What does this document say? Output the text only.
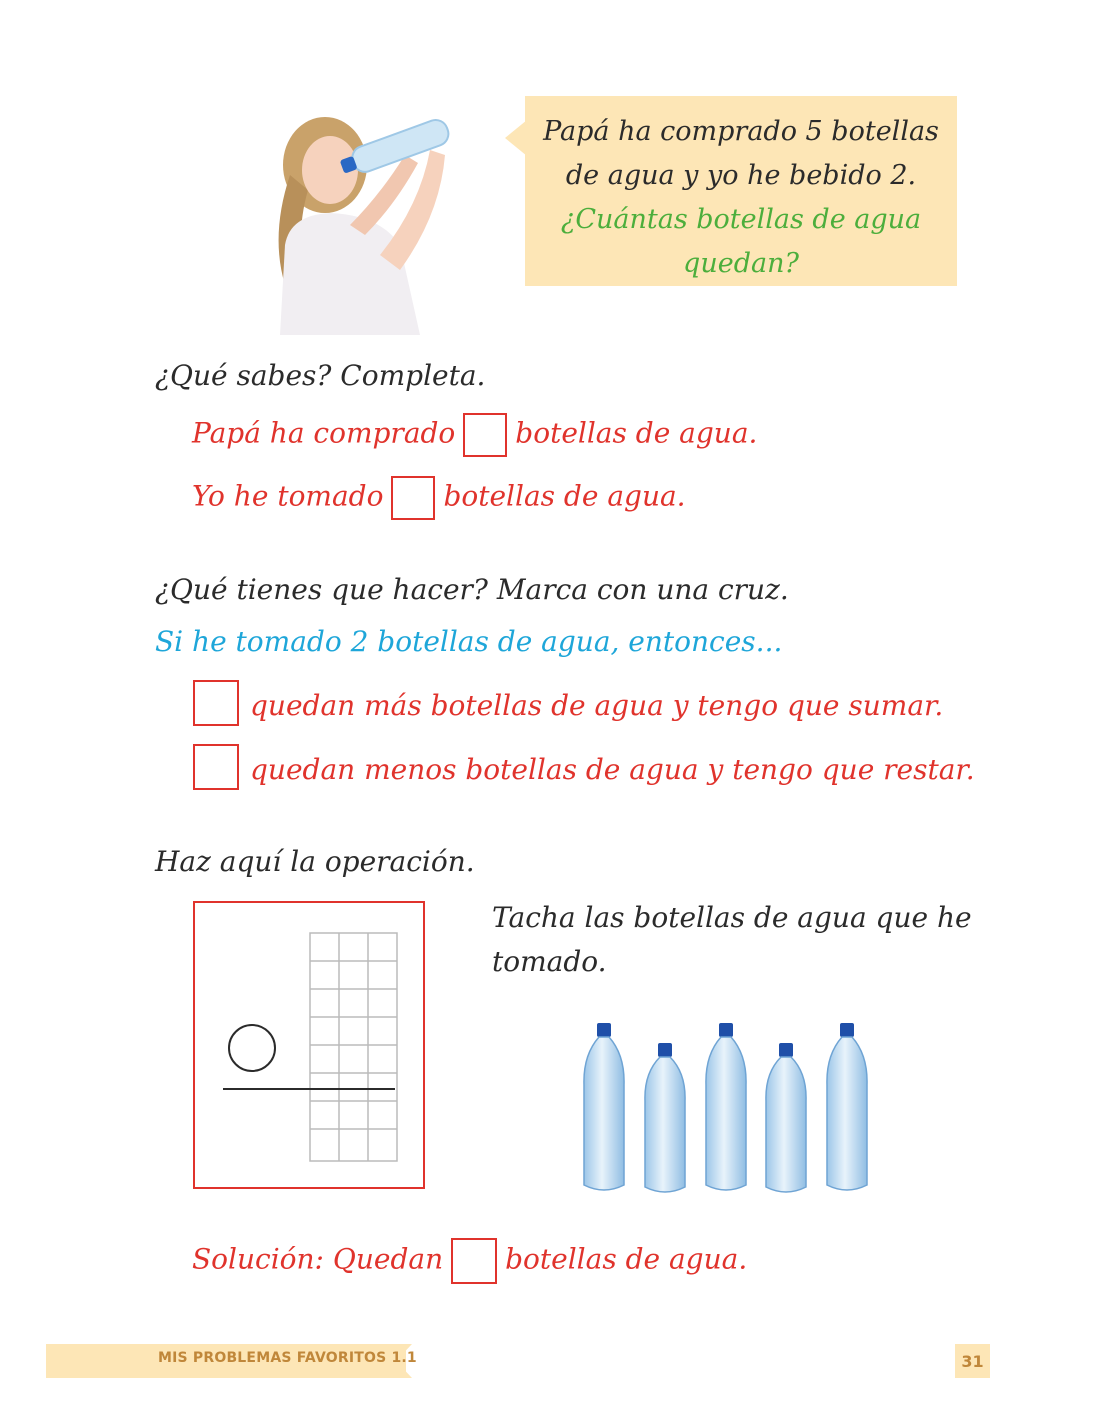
Papá ha comprado 5 botellas
de agua y yo he bebido 2.
¿Cuántas botellas de agua
quedan?
¿Qué sabes? Completa.
Papá ha comprado botellas de agua.
Yo he tomado botellas de agua.
¿Qué tienes que hacer? Marca con una cruz.
Si he tomado 2 botellas de agua, entonces...
quedan más botellas de agua y tengo que sumar.
quedan menos botellas de agua y tengo que restar.
Haz aquí la operación.
Tacha las botellas de agua que he
tomado.
Solución: Quedan botellas de agua.
MIS PROBLEMAS FAVORITOS 1.1	31
